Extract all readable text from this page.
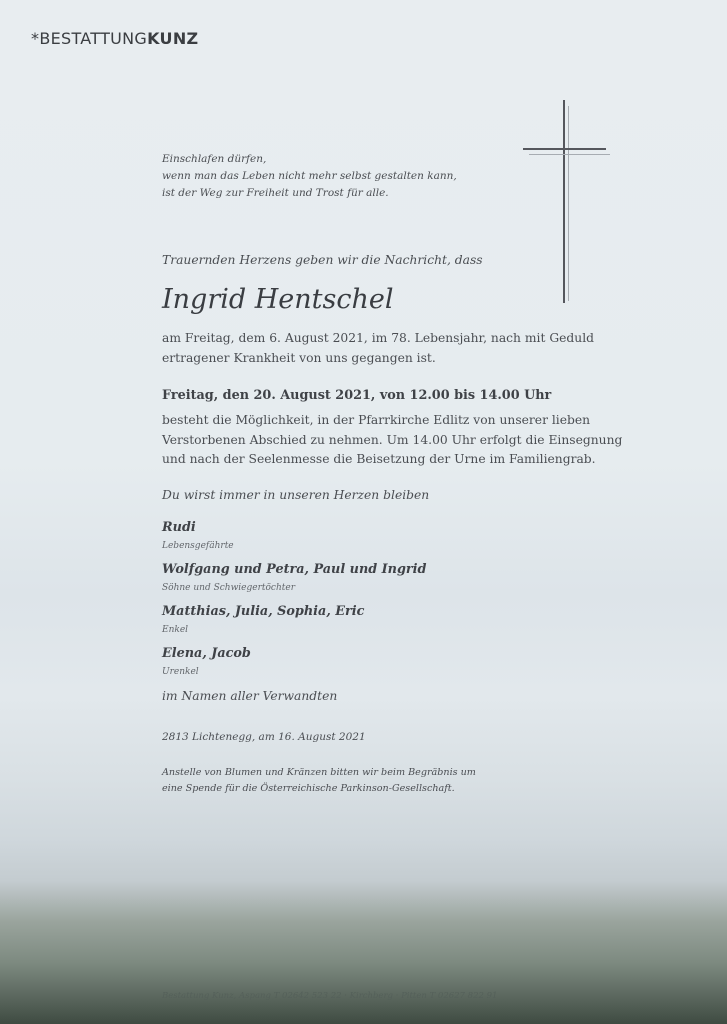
*BESTATTUNGKUNZ
Einschlafen dürfen,
wenn man das Leben nicht mehr selbst gestalten kann,
ist der Weg zur Freiheit und Trost für alle.
Trauernden Herzens geben wir die Nachricht, dass
Ingrid Hentschel
am Freitag, dem 6. August 2021, im 78. Lebensjahr, nach mit Geduld
ertragener Krankheit von uns gegangen ist.
Freitag, den 20. August 2021, von 12.00 bis 14.00 Uhr
besteht die Möglichkeit, in der Pfarrkirche Edlitz von unserer lieben
Verstorbenen Abschied zu nehmen. Um 14.00 Uhr erfolgt die Einsegnung
und nach der Seelenmesse die Beisetzung der Urne im Familiengrab.
Du wirst immer in unseren Herzen bleiben
Rudi
Lebensgefährte
Wolfgang und Petra, Paul und Ingrid
Söhne und Schwiegertöchter
Matthias, Julia, Sophia, Eric
Enkel
Elena, Jacob
Urenkel
im Namen aller Verwandten
2813 Lichtenegg, am 16. August 2021
Anstelle von Blumen und Kränzen bitten wir beim Begräbnis um
eine Spende für die Österreichische Parkinson-Gesellschaft.
Bestattung Kunz, Aspang T 02642 523 22 · Kirchberg · Pitten T 02627 822 91
